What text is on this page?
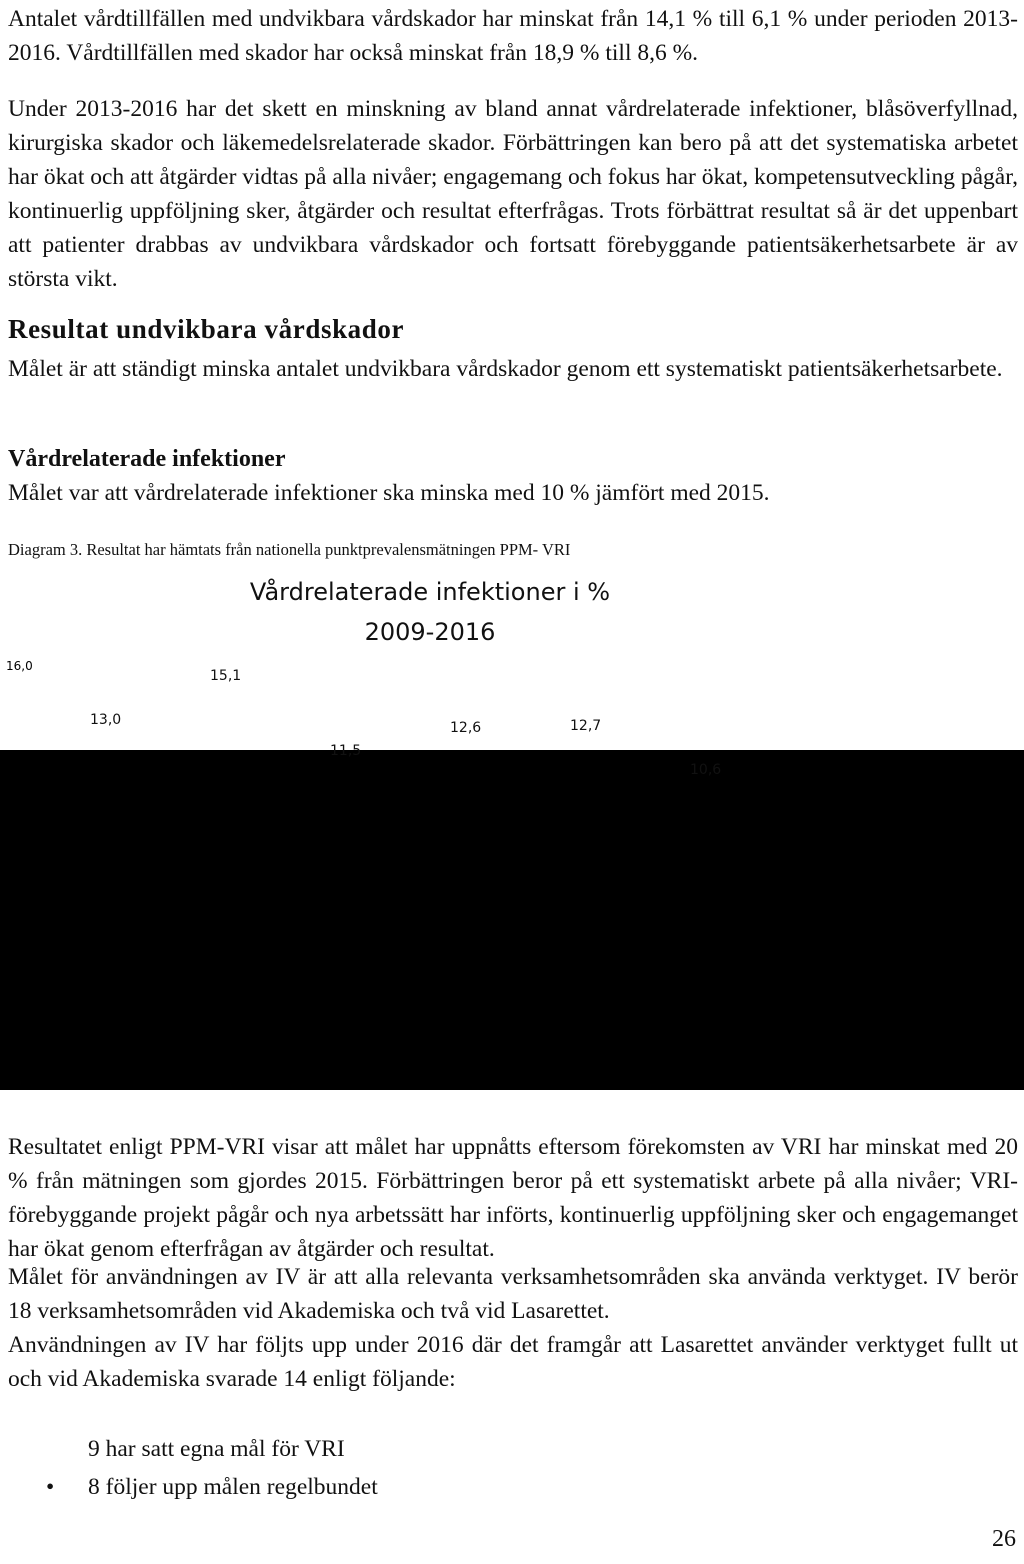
Antalet vårdtillfällen med undvikbara vårdskador har minskat från 14,1 % till 6,1 % under perioden 2013-2016. Vårdtillfällen med skador har också minskat från 18,9 % till 8,6 %.

Under 2013-2016 har det skett en minskning av bland annat vårdrelaterade infektioner, blåsöverfyllnad, kirurgiska skador och läkemedelsrelaterade skador. Förbättringen kan bero på att det systematiska arbetet har ökat och att åtgärder vidtas på alla nivåer; engagemang och fokus har ökat, kompetensutveckling pågår, kontinuerlig uppföljning sker, åtgärder och resultat efterfrågas. Trots förbättrat resultat så är det uppenbart att patienter drabbas av undvikbara vårdskador och fortsatt förebyggande patientsäkerhetsarbete är av största vikt.

Resultat undvikbara vårdskador

Målet är att ständigt minska antalet undvikbara vårdskador genom ett systematiskt patientsäkerhetsarbete.

Vårdrelaterade infektioner

Målet var att vårdrelaterade infektioner ska minska med 10 % jämfört med 2015.

Diagram 3. Resultat har hämtats från nationella punktprevalensmätningen PPM- VRI

Vårdrelaterade infektioner i %

2009-2016

16,0
13,0
15,1
11,5
12,6	12,7
10,6

Resultatet enligt PPM-VRI visar att målet har uppnåtts eftersom förekomsten av VRI har minskat med 20 % från mätningen som gjordes 2015. Förbättringen beror på ett systematiskt arbete på alla nivåer; VRI-förebyggande projekt pågår och nya arbetssätt har införts, kontinuerlig uppföljning sker och engagemanget har ökat genom efterfrågan av åtgärder och resultat.

Målet för användningen av IV är att alla relevanta verksamhetsområden ska använda verktyget. IV berör 18 verksamhetsområden vid Akademiska och två vid Lasarettet.

Användningen av IV har följts upp under 2016 där det framgår att Lasarettet använder verktyget fullt ut och vid Akademiska svarade 14 enligt följande:

9 har satt egna mål för VRI
•	8 följer upp målen regelbundet
26
